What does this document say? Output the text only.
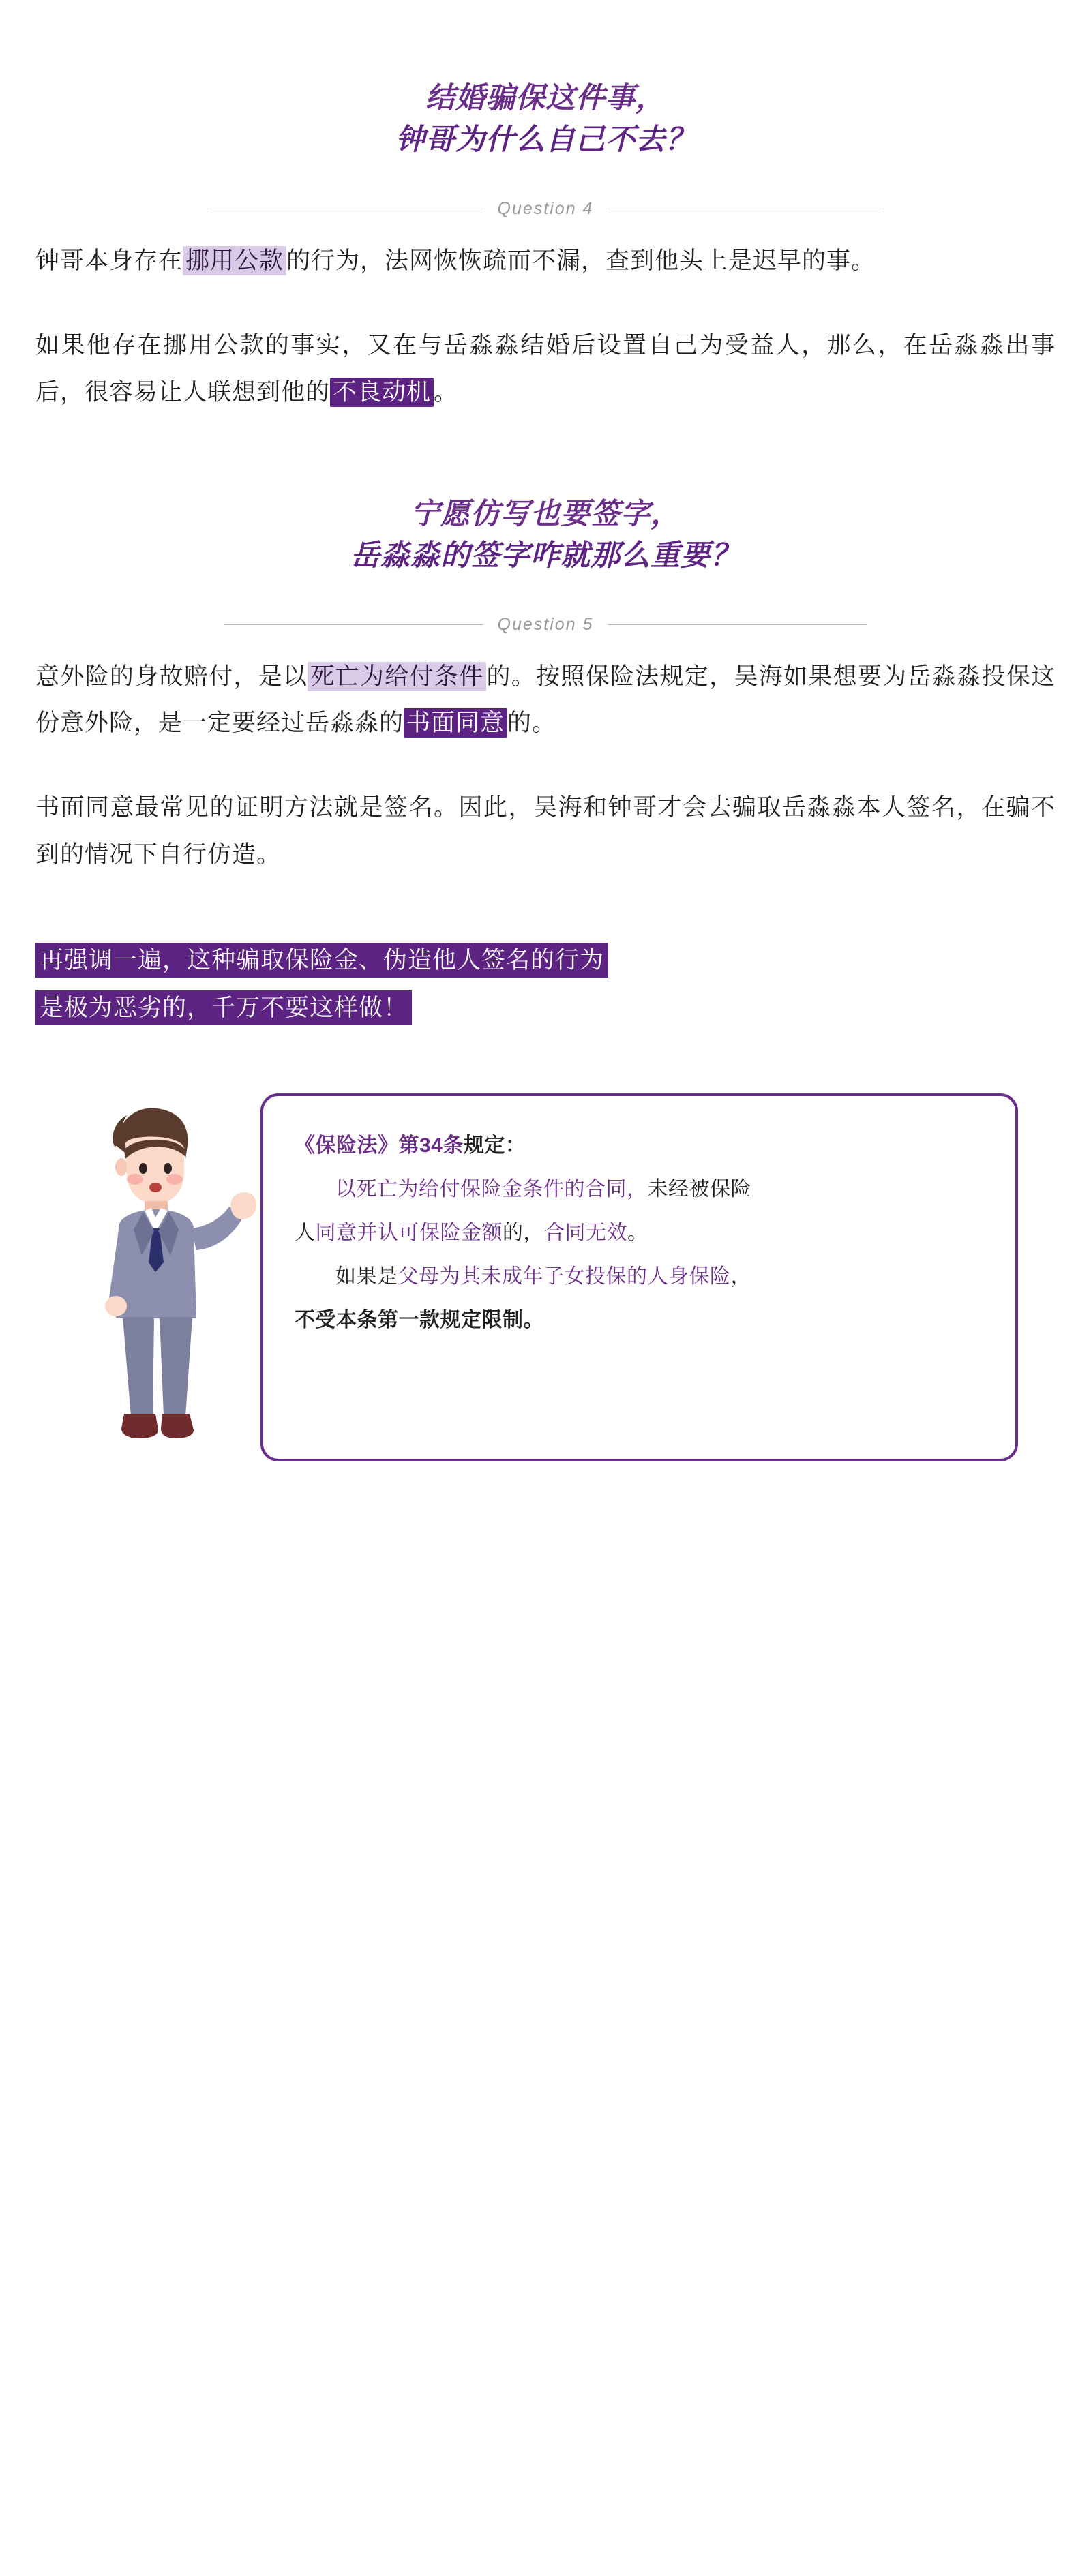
结婚骗保这件事，
钟哥为什么自己不去？
Question 4

钟哥本身存在 挪用公款 的行为，法网恢恢疏而不漏，查到他头上是迟早的事。

如果他存在挪用公款的事实，又在与岳淼淼结婚后设置自己为受益人，那么，在岳淼淼出事后，很容易让人联想到他的 不良动机 。

宁愿仿写也要签字，
岳淼淼的签字咋就那么重要？
Question 5

意外险的身故赔付，是以 死亡为给付条件 的。按照保险法规定，吴海如果想要为岳淼淼投保这份意外险，是一定要经过岳淼淼的 书面同意 的。

书面同意最常见的证明方法就是签名。因此，吴海和钟哥才会去骗取岳淼淼本人签名，在骗不到的情况下自行仿造。

再强调一遍，这种骗取保险金、伪造他人签名的行为
是极为恶劣的，千万不要这样做！

《保险法》第34条规定：

以死亡为给付保险金条件的合同，未经被保险

人同意并认可保险金额的，合同无效。

如果是父母为其未成年子女投保的人身保险，

不受本条第一款规定限制。
